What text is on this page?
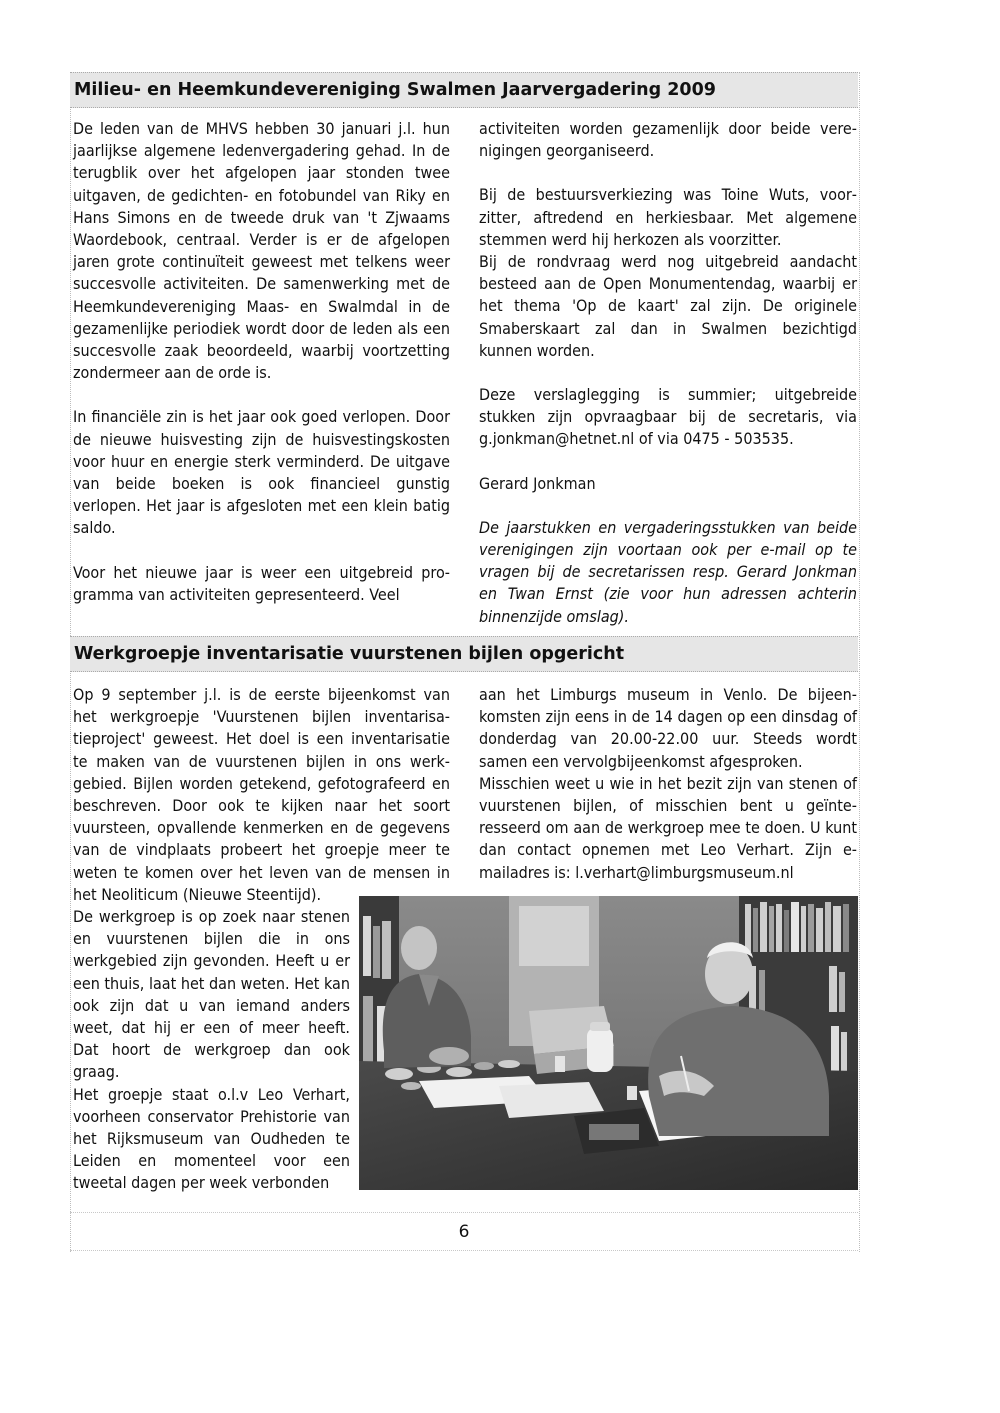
Milieu- en Heemkundevereniging Swalmen Jaarvergadering 2009

De leden van de MHVS hebben 30 januari j.l. hun jaarlijkse algemene ledenvergadering gehad. In de terugblik over het afgelopen jaar stonden twee uitgaven, de gedichten- en fotobundel van Riky en Hans Simons en de tweede druk van 't Zjwaams Waordebook, centraal. Verder is er de afgelopen jaren grote continuïteit geweest met telkens weer succesvolle activiteiten. De samenwerking met de Heemkundevereniging Maas- en Swalmdal in de gezamenlijke periodiek wordt door de leden als een succesvolle zaak beoordeeld, waarbij voortzetting zondermeer aan de orde is.

In financiële zin is het jaar ook goed verlopen. Door de nieuwe huisvesting zijn de huisvestingskosten voor huur en energie sterk verminderd. De uitgave van beide boeken is ook financieel gunstig verlopen. Het jaar is afgesloten met een klein batig saldo.

Voor het nieuwe jaar is weer een uitgebreid programma van activiteiten gepresenteerd. Veel

activiteiten worden gezamenlijk door beide verenigingen georganiseerd.

Bij de bestuursverkiezing was Toine Wuts, voorzitter, aftredend en herkiesbaar. Met algemene stemmen werd hij herkozen als voorzitter.

Bij de rondvraag werd nog uitgebreid aandacht besteed aan de Open Monumentendag, waarbij er het thema 'Op de kaart' zal zijn. De originele Smaberskaart zal dan in Swalmen bezichtigd kunnen worden.

Deze verslaglegging is summier; uitgebreide stukken zijn opvraagbaar bij de secretaris, via g.jonkman@hetnet.nl of via 0475 - 503535.

Gerard Jonkman

De jaarstukken en vergaderingsstukken van beide verenigingen zijn voortaan ook per e-mail op te vragen bij de secretarissen resp. Gerard Jonkman en Twan Ernst (zie voor hun adressen achterin binnenzijde omslag).

Werkgroepje inventarisatie vuurstenen bijlen opgericht

Op 9 september j.l. is de eerste bijeenkomst van het werkgroepje 'Vuurstenen bijlen inventarisatieproject' geweest. Het doel is een inventarisatie te maken van de vuurstenen bijlen in ons werkgebied. Bijlen worden getekend, gefotografeerd en beschreven. Door ook te kijken naar het soort vuursteen, opvallende kenmerken en de gegevens van de vindplaats probeert het groepje meer te weten te komen over het leven van de mensen in het Neoliticum (Nieuwe Steentijd).

De werkgroep is op zoek naar stenen en vuurstenen bijlen die in ons werkgebied zijn gevonden. Heeft u er een thuis, laat het dan weten. Het kan ook zijn dat u van iemand anders weet, dat hij er een of meer heeft. Dat hoort de werkgroep dan ook graag.

Het groepje staat o.l.v Leo Verhart, voorheen conservator Prehistorie van het Rijksmuseum van Oudheden te Leiden en momenteel voor een tweetal dagen per week verbonden

aan het Limburgs museum in Venlo. De bijeenkomsten zijn eens in de 14 dagen op een dinsdag of donderdag van 20.00-22.00 uur. Steeds wordt samen een vervolgbijeenkomst afgesproken.

Misschien weet u wie in het bezit zijn van stenen of vuurstenen bijlen, of misschien bent u geïnteresseerd om aan de werkgroep mee te doen. U kunt dan contact opnemen met Leo Verhart. Zijn e-mailadres is: l.verhart@limburgsmuseum.nl

6
